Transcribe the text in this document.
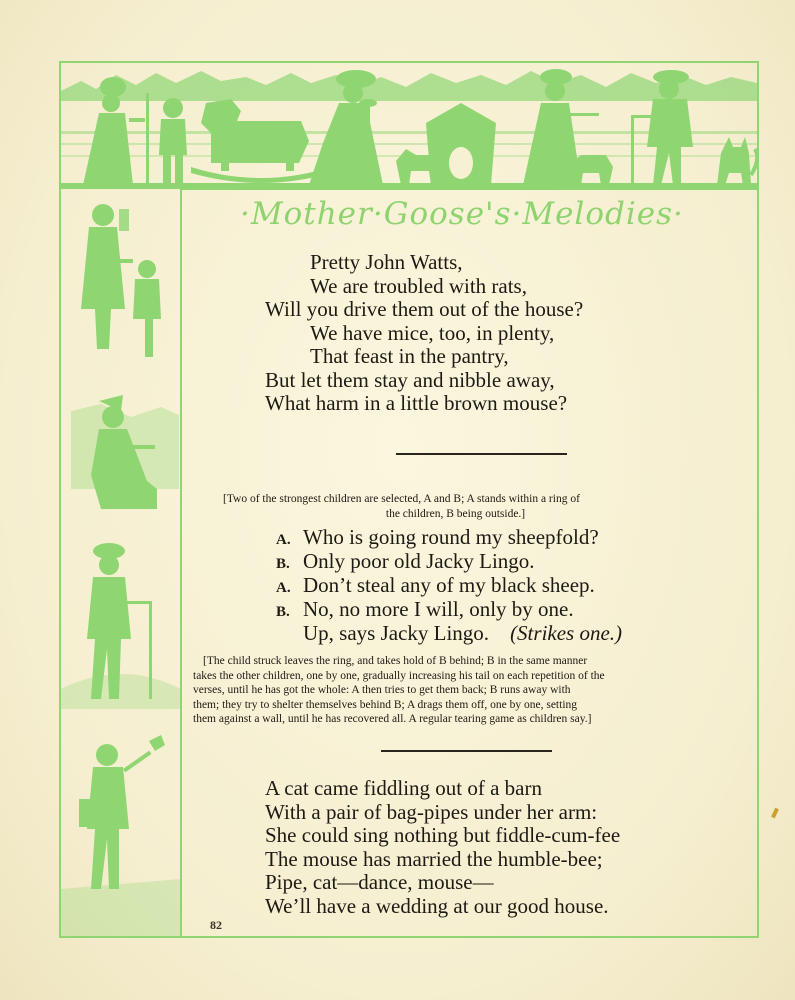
·Mother·Goose's·Melodies·
Pretty John Watts,
We are troubled with rats,
Will you drive them out of the house?
We have mice, too, in plenty,
That feast in the pantry,
But let them stay and nibble away,
What harm in a little brown mouse?
[Two of the strongest children are selected, A and B; A stands within a ring of
the children, B being outside.]
A. Who is going round my sheepfold?
B. Only poor old Jacky Lingo.
A. Don’t steal any of my black sheep.
B. No, no more I will, only by one.
Up, says Jacky Lingo. (Strikes one.)
[The child struck leaves the ring, and takes hold of B behind; B in the same manner
takes the other children, one by one, gradually increasing his tail on each repetition of the
verses, until he has got the whole: A then tries to get them back; B runs away with
them; they try to shelter themselves behind B; A drags them off, one by one, setting
them against a wall, until he has recovered all. A regular tearing game as children say.]
A cat came fiddling out of a barn
With a pair of bag-pipes under her arm:
She could sing nothing but fiddle-cum-fee
The mouse has married the humble-bee;
Pipe, cat—dance, mouse—
We’ll have a wedding at our good house.
82
